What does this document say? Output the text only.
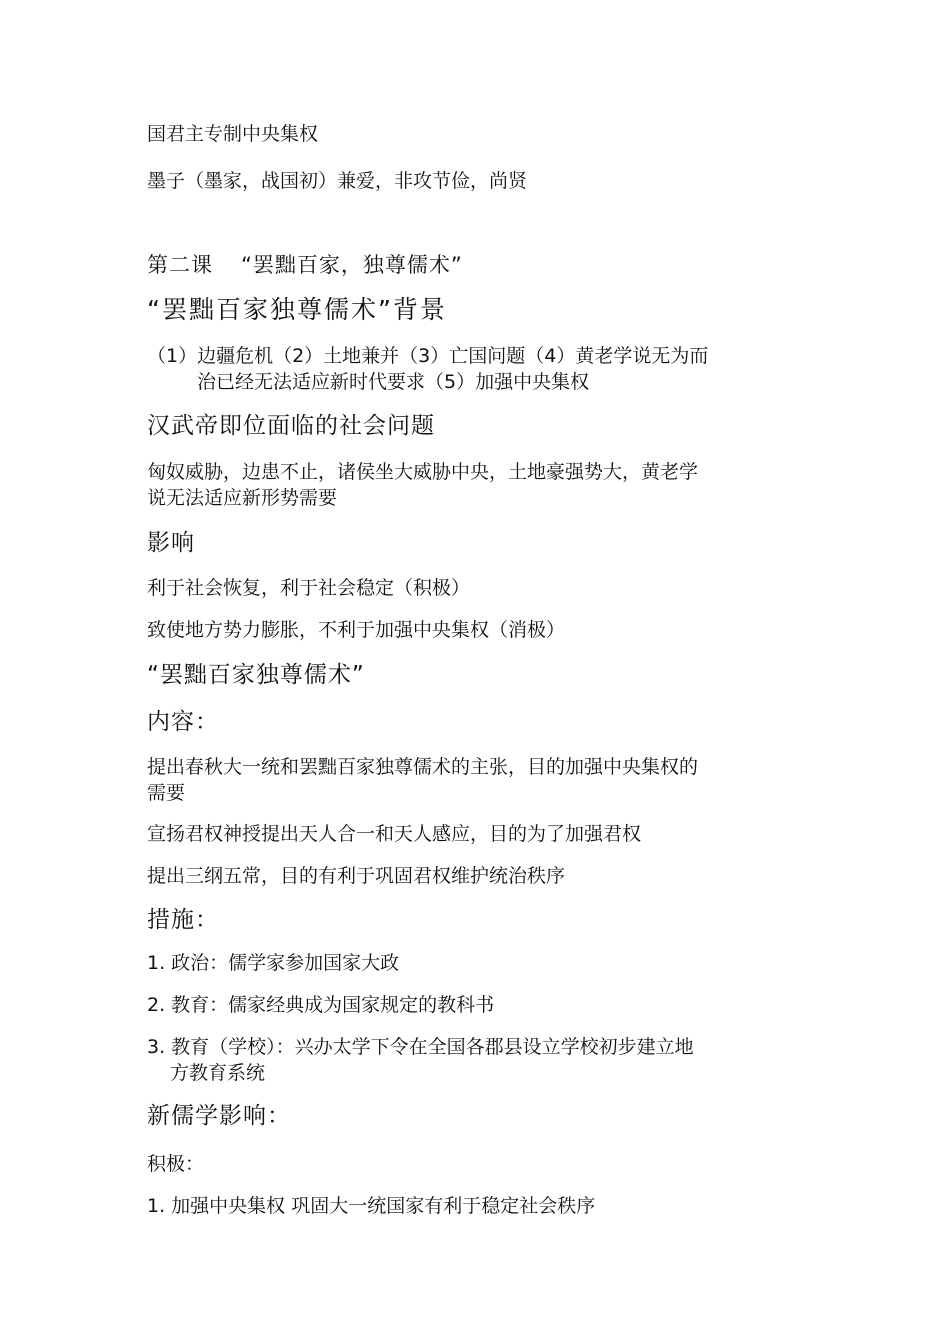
国君主专制中央集权

墨子（墨家，战国初）兼爱，非攻节俭，尚贤

第二课 “罢黜百家，独尊儒术”

“罢黜百家独尊儒术”背景

（1）边疆危机（2）土地兼并（3）亡国问题（4）黄老学说无为而

治已经无法适应新时代要求（5）加强中央集权

汉武帝即位面临的社会问题

匈奴威胁，边患不止，诸侯坐大威胁中央，土地豪强势大，黄老学

说无法适应新形势需要

影响

利于社会恢复，利于社会稳定（积极）

致使地方势力膨胀，不利于加强中央集权（消极）

“罢黜百家独尊儒术”

内容：

提出春秋大一统和罢黜百家独尊儒术的主张，目的加强中央集权的

需要

宣扬君权神授提出天人合一和天人感应，目的为了加强君权

提出三纲五常，目的有利于巩固君权维护统治秩序

措施：

1. 政治：儒学家参加国家大政

2. 教育：儒家经典成为国家规定的教科书

3. 教育（学校）：兴办太学下令在全国各郡县设立学校初步建立地

方教育系统

新儒学影响：

积极：

1. 加强中央集权 巩固大一统国家有利于稳定社会秩序
